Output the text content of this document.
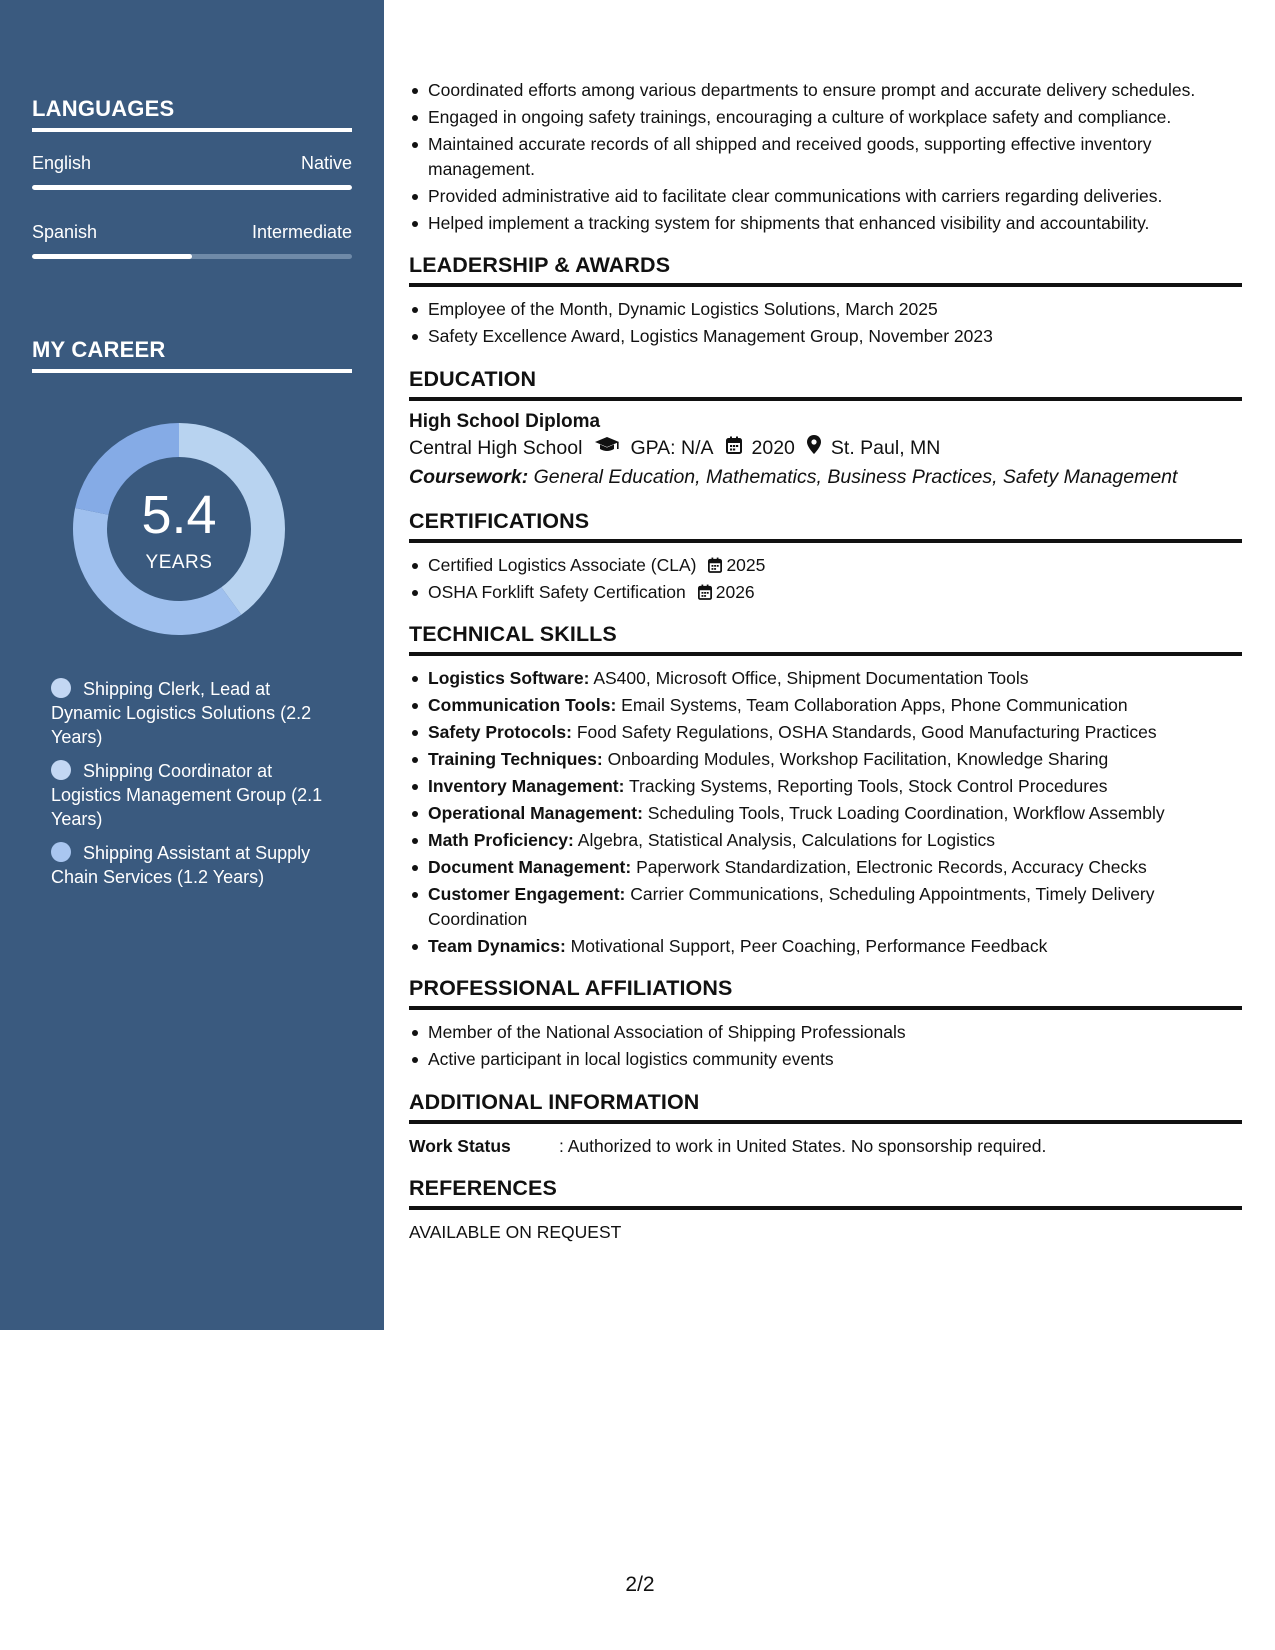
LANGUAGES
English	Native
Spanish	Intermediate
MY CAREER
5.4
YEARS
Shipping Clerk, Lead at Dynamic Logistics Solutions (2.2 Years)
Shipping Coordinator at Logistics Management Group (2.1 Years)
Shipping Assistant at Supply Chain Services (1.2 Years)
Coordinated efforts among various departments to ensure prompt and accurate delivery schedules.
Engaged in ongoing safety trainings, encouraging a culture of workplace safety and compliance.
Maintained accurate records of all shipped and received goods, supporting effective inventory management.
Provided administrative aid to facilitate clear communications with carriers regarding deliveries.
Helped implement a tracking system for shipments that enhanced visibility and accountability.
LEADERSHIP & AWARDS
Employee of the Month, Dynamic Logistics Solutions, March 2025
Safety Excellence Award, Logistics Management Group, November 2023
EDUCATION
High School Diploma
Central High School GPA: N/A 2020 St. Paul, MN
Coursework: General Education, Mathematics, Business Practices, Safety Management
CERTIFICATIONS
Certified Logistics Associate (CLA) 2025
OSHA Forklift Safety Certification 2026
TECHNICAL SKILLS
Logistics Software: AS400, Microsoft Office, Shipment Documentation Tools
Communication Tools: Email Systems, Team Collaboration Apps, Phone Communication
Safety Protocols: Food Safety Regulations, OSHA Standards, Good Manufacturing Practices
Training Techniques: Onboarding Modules, Workshop Facilitation, Knowledge Sharing
Inventory Management: Tracking Systems, Reporting Tools, Stock Control Procedures
Operational Management: Scheduling Tools, Truck Loading Coordination, Workflow Assembly
Math Proficiency: Algebra, Statistical Analysis, Calculations for Logistics
Document Management: Paperwork Standardization, Electronic Records, Accuracy Checks
Customer Engagement: Carrier Communications, Scheduling Appointments, Timely Delivery Coordination
Team Dynamics: Motivational Support, Peer Coaching, Performance Feedback
PROFESSIONAL AFFILIATIONS
Member of the National Association of Shipping Professionals
Active participant in local logistics community events
ADDITIONAL INFORMATION
Work Status	: Authorized to work in United States. No sponsorship required.
REFERENCES
AVAILABLE ON REQUEST
2/2
